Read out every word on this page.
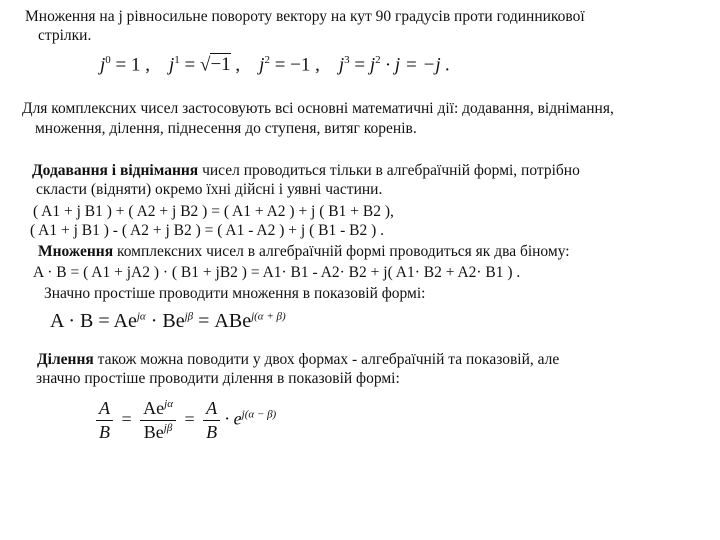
Множення на j рівносильне повороту вектору на кут 90 градусів проти годинникової
стрілки.
$j^0 = 1$ , $j^1 = √-1$ , $j^2 = -1$ , $j^3 = j^2 \cdot j = -j$ .
Для комплексних чисел застосовують всі основні математичні дії: додавання, віднімання,
множення, ділення, піднесення до ступеня, витяг коренів.
Додавання і віднімання чисел проводиться тільки в алгебраїчній формі, потрібно
скласти (відняти) окремо їхні дійсні і уявні частини.
( A1 + j B1 ) + ( A2 + j B2 ) = ( A1 + A2 ) + j ( B1 + B2 ),
( A1 + j B1 ) - ( A2 + j B2 ) = ( A1 - A2 ) + j ( B1 - B2 ) .
Множення комплексних чисел в алгебраїчній формі проводиться як два біному:
A · B = ( A1 + jA2 ) · ( B1 + jB2 ) = A1· B1 - A2· B2 + j( A1· B2 + A2· B1 ) .
Значно простіше проводити множення в показовій формі:
$A \cdot B = Ae^{j\alpha} \cdot Be^{j\beta} = ABe^{j(\alpha + \beta)}$
Ділення також можна поводити у двох формах - алгебраїчній та показовій, але
значно простіше проводити ділення в показовій формі:
$\frac{A}{B} = \frac{Ae^{j\alpha}}{Be^{j\beta}} = \frac{A}{B} \cdot e^{j(\alpha - \beta)}$
